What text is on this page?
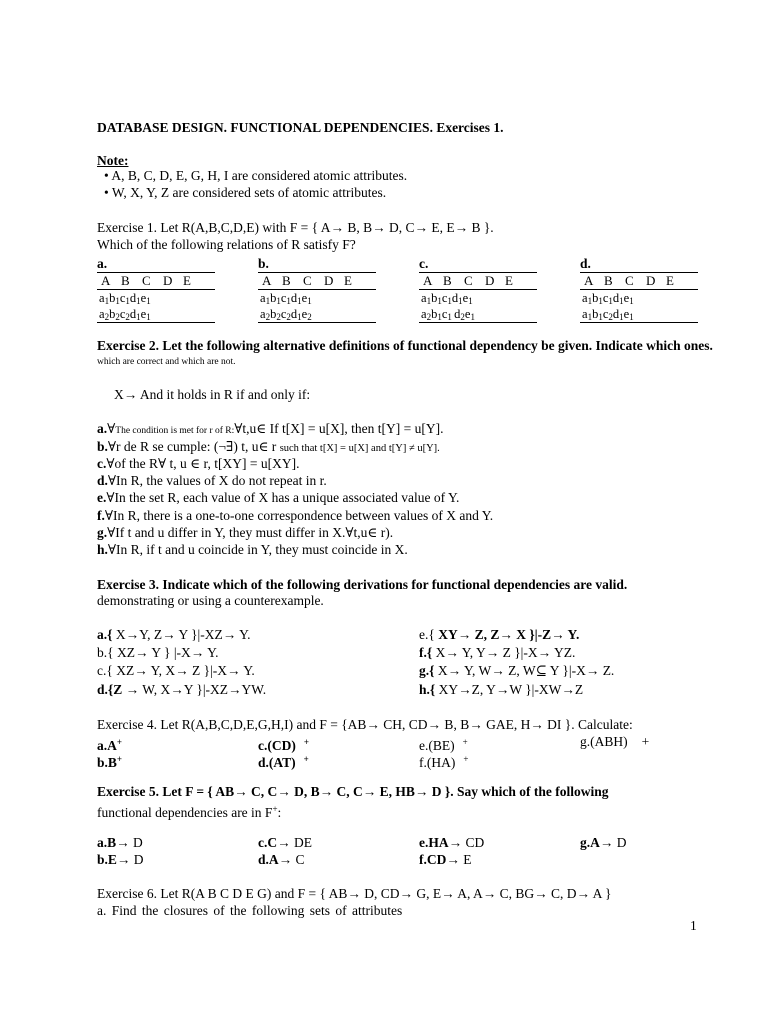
DATABASE DESIGN. FUNCTIONAL DEPENDENCIES. Exercises 1.
Note:
• A, B, C, D, E, G, H, I are considered atomic attributes.
• W, X, Y, Z are considered sets of atomic attributes.
Exercise 1. Let R(A,B,C,D,E) with F = { A→ B, B→ D, C→ E, E→ B }.
Which of the following relations of R satisfy F?
a.	b.	c.	d.
A B C D E
$a_1b_1c_1d_1e_1$
$a_2b_2c_2d_1e_1$
A B C D E
$a_1b_1c_1d_1e_1$
$a_2b_2c_2d_1e_2$
A B C D E
$a_1b_1c_1d_1e_1$
$a_2b_1c_1$ $d_2e_1$
A B C D E
$a_1b_1c_1d_1e_1$
$a_1b_1c_2d_1e_1$
Exercise 2. Let the following alternative definitions of functional dependency be given. Indicate which ones.
which are correct and which are not.
X→ And it holds in R if and only if:
a.∀The condition is met for r of R:∀t,u∈ If t[X] = u[X], then t[Y] = u[Y].
b.∀r de R se cumple: (¬∃) t, u∈ r such that t[X] = u[X] and t[Y] ≠ u[Y].
c.∀of the R∀ t, u ∈ r, t[XY] = u[XY].
d.∀In R, the values of X do not repeat in r.
e.∀In the set R, each value of X has a unique associated value of Y.
f.∀In R, there is a one-to-one correspondence between values of X and Y.
g.∀If t and u differ in Y, they must differ in X.∀t,u∈ r).
h.∀In R, if t and u coincide in Y, they must coincide in X.
Exercise 3. Indicate which of the following derivations for functional dependencies are valid.
demonstrating or using a counterexample.
a.{ X→Y, Z→ Y }|-XZ→ Y.
b.{ XZ→ Y } |-X→ Y.
c.{ XZ→ Y, X→ Z }|-X→ Y.
d.{Z → W, X→Y }|-XZ→YW.
e.{ XY→ Z, Z→ X }|-Z→ Y.
f.{ X→ Y, Y→ Z }|-X→ YZ.
g.{ X→ Y, W→ Z, W⊆ Y }|-X→ Z.
h.{ XY→Z, Y→W }|-XW→Z
Exercise 4. Let R(A,B,C,D,E,G,H,I) and F = {AB→ CH, CD→ B, B→ GAE, H→ DI }. Calculate:
a.A+	c.(CD) +	e.(BE) +	g.(ABH) +
b.B+	d.(AT) +	f.(HA) +
Exercise 5. Let F = { AB→ C, C→ D, B→ C, C→ E, HB→ D }. Say which of the following
functional dependencies are in F+:
a.B→ D	c.C→ DE	e.HA→ CD	g.A→ D
b.E→ D	d.A→ C	f.CD→ E
Exercise 6. Let R(A B C D E G) and F = { AB→ D, CD→ G, E→ A, A→ C, BG→ C, D→ A }
a. Find the closures of the following sets of attributes
1
